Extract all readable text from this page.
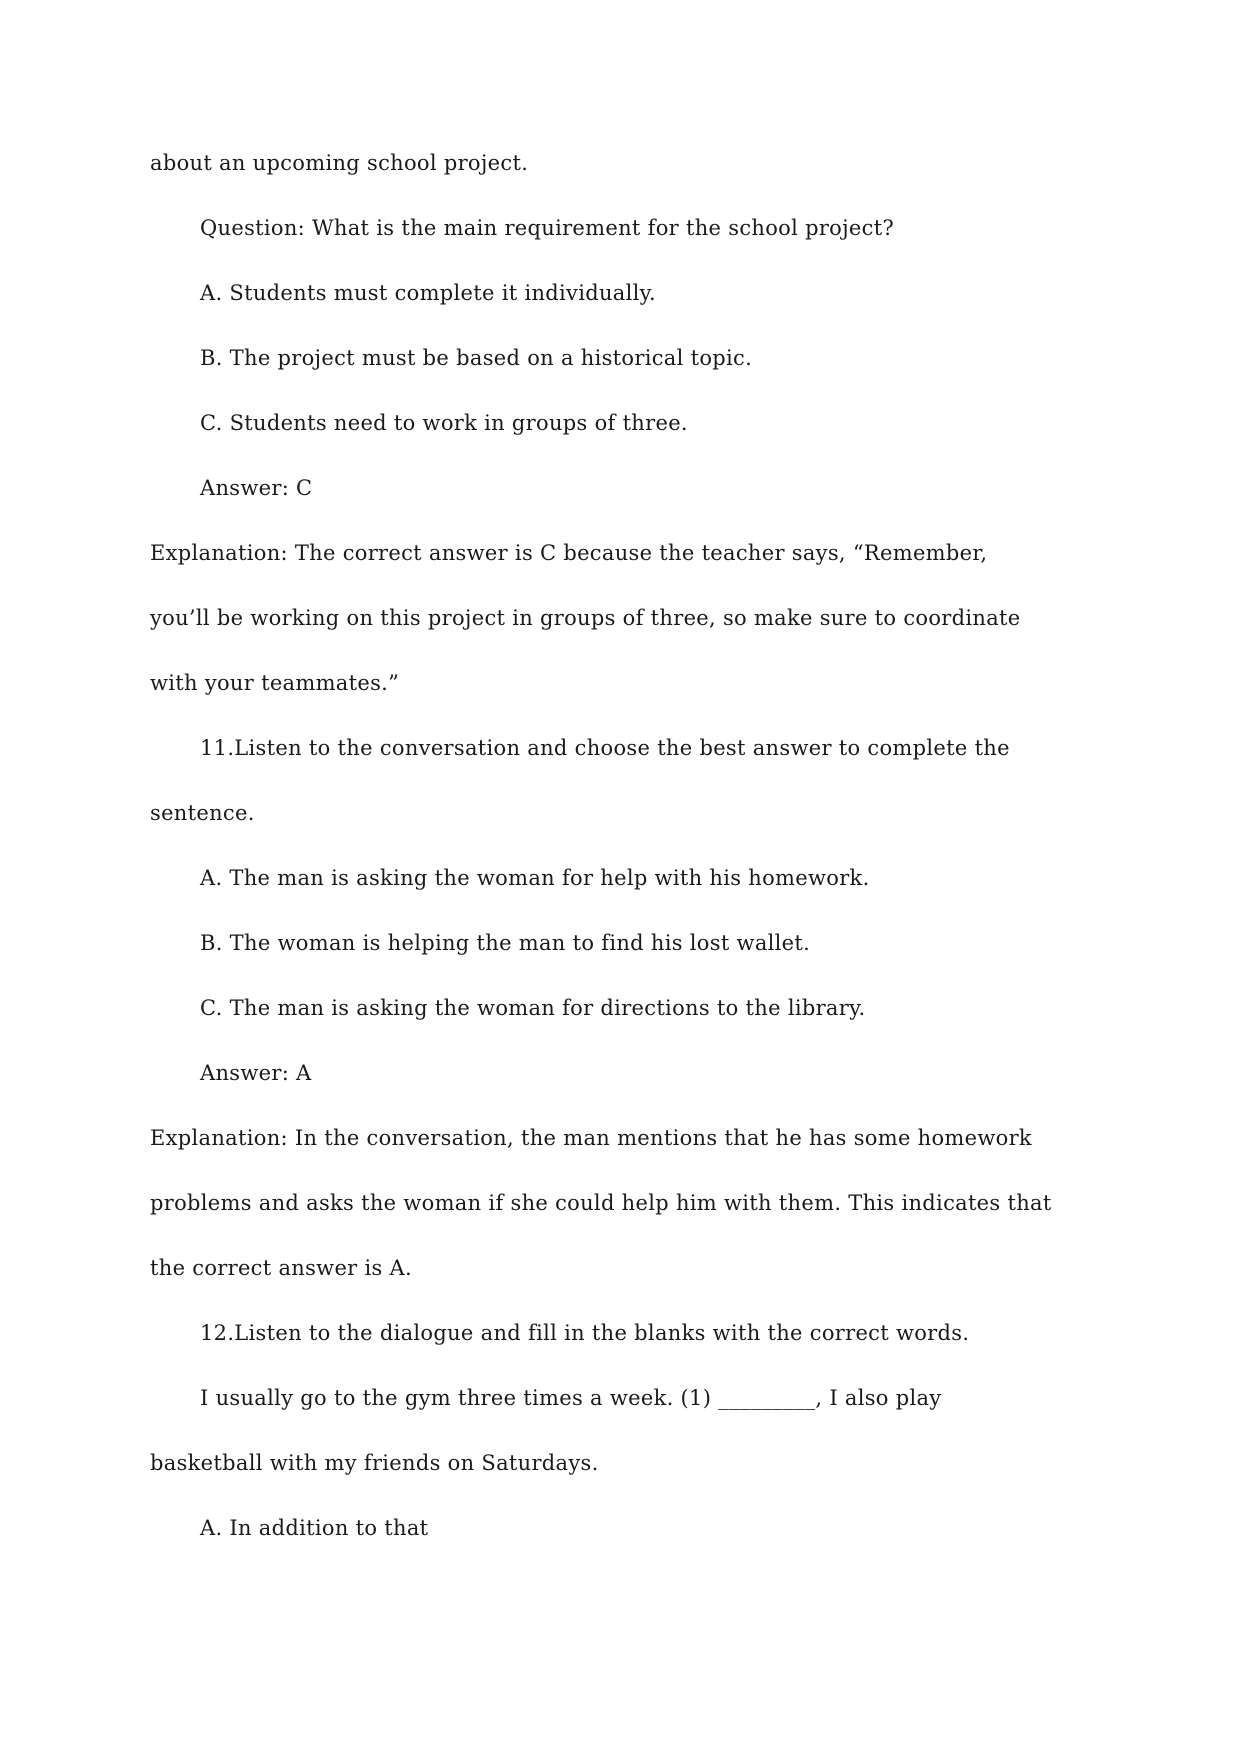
about an upcoming school project.
Question: What is the main requirement for the school project?
A. Students must complete it individually.
B. The project must be based on a historical topic.
C. Students need to work in groups of three.
Answer: C
Explanation: The correct answer is C because the teacher says, “Remember,
you’ll be working on this project in groups of three, so make sure to coordinate
with your teammates.”
11.Listen to the conversation and choose the best answer to complete the
sentence.
A. The man is asking the woman for help with his homework.
B. The woman is helping the man to find his lost wallet.
C. The man is asking the woman for directions to the library.
Answer: A
Explanation: In the conversation, the man mentions that he has some homework
problems and asks the woman if she could help him with them. This indicates that
the correct answer is A.
12.Listen to the dialogue and fill in the blanks with the correct words.
I usually go to the gym three times a week. (1) _________, I also play
basketball with my friends on Saturdays.
A. In addition to that
